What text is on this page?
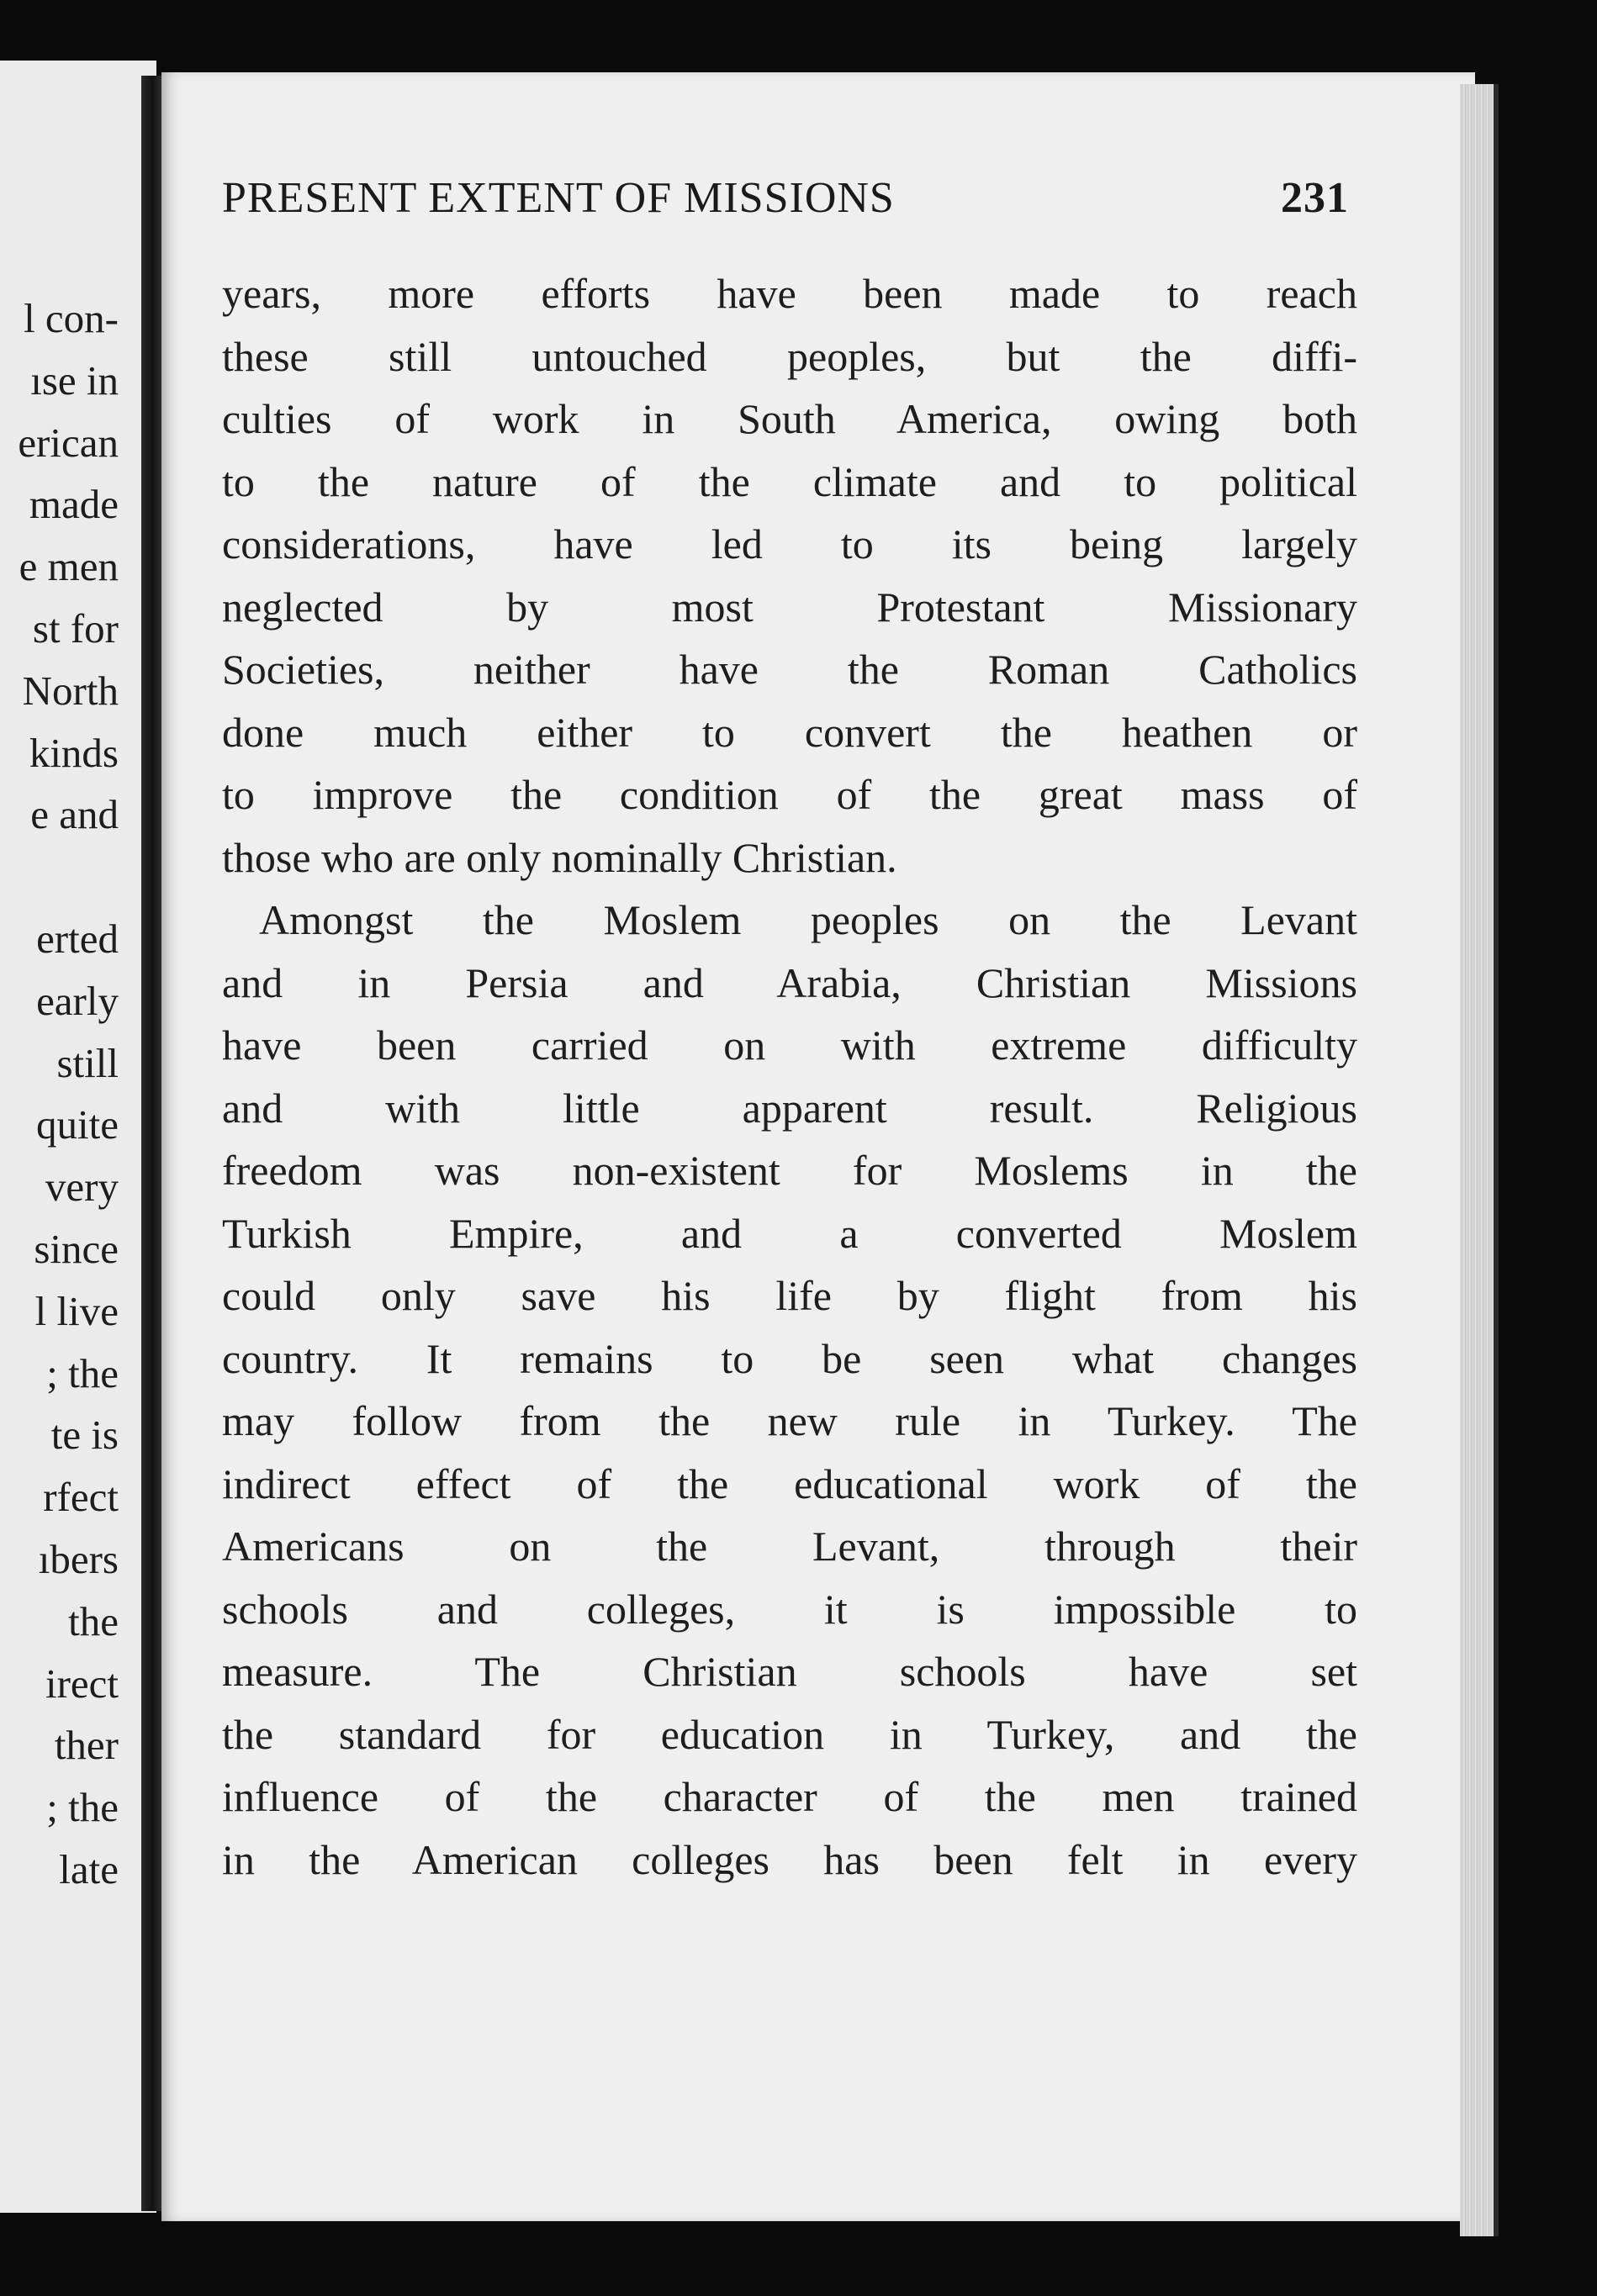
l con-
ıse in
erican
made
e men
st for
North
kinds
e and
erted
early
still
quite
very
since
l live
; the
te is
rfect
ıbers
the
irect
ther
; the
late
PRESENT EXTENT OF MISSIONS	231
years, more efforts have been made to reach
these still untouched peoples, but the diffi-
culties of work in South America, owing both
to the nature of the climate and to political
considerations, have led to its being largely
neglected by most Protestant Missionary
Societies, neither have the Roman Catholics
done much either to convert the heathen or
to improve the condition of the great mass of
those who are only nominally Christian.
Amongst the Moslem peoples on the Levant
and in Persia and Arabia, Christian Missions
have been carried on with extreme difficulty
and with little apparent result. Religious
freedom was non-existent for Moslems in the
Turkish Empire, and a converted Moslem
could only save his life by flight from his
country. It remains to be seen what changes
may follow from the new rule in Turkey. The
indirect effect of the educational work of the
Americans on the Levant, through their
schools and colleges, it is impossible to
measure. The Christian schools have set
the standard for education in Turkey, and the
influence of the character of the men trained
in the American colleges has been felt in every
